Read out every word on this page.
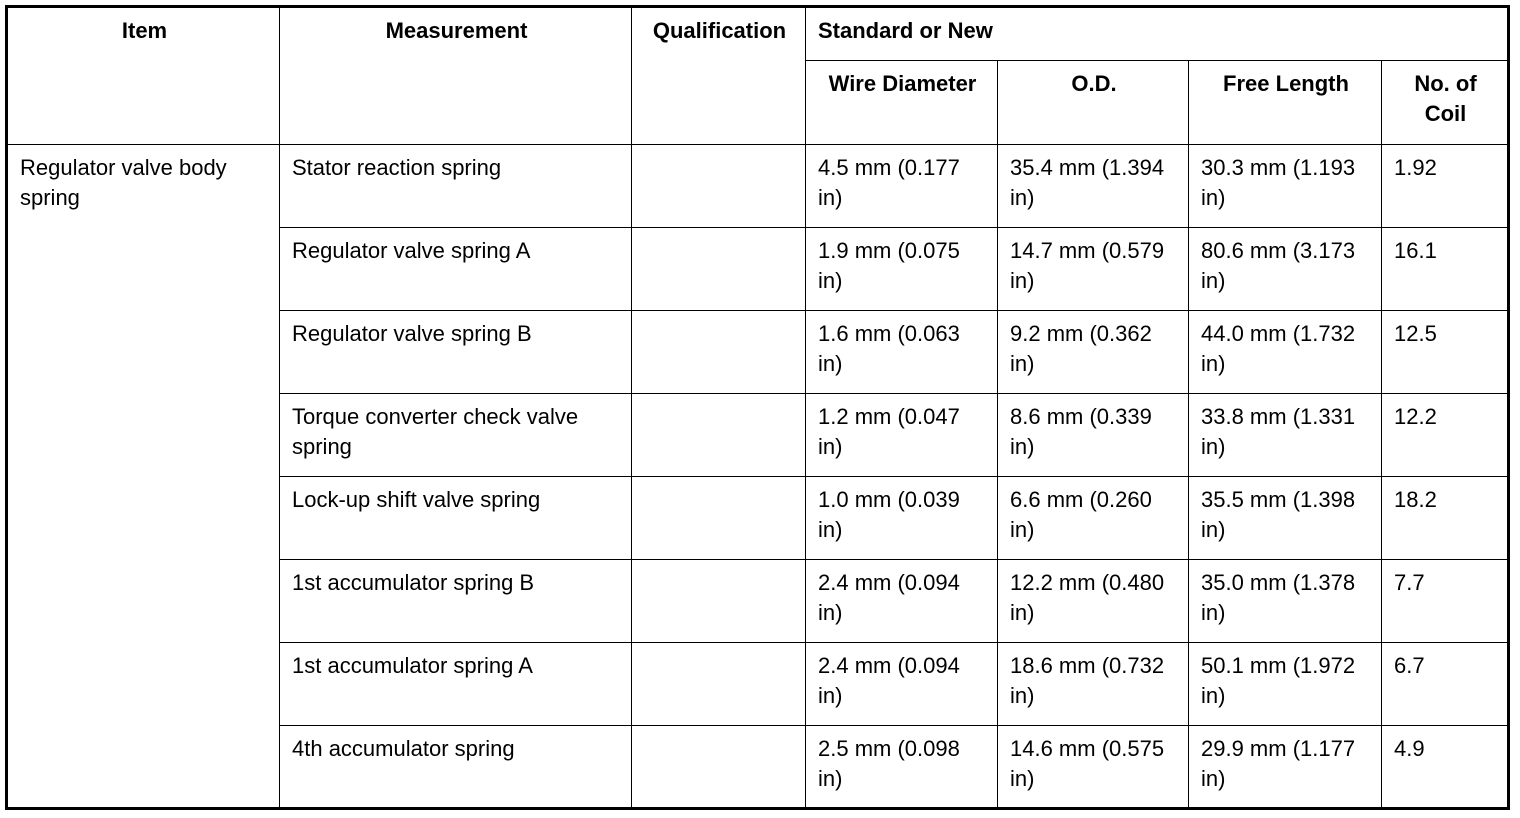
Item	Measurement	Qualification	Standard or New			
			Wire Diameter	O.D.	Free Length	No. of Coil
Regulator valve body spring	Stator reaction spring		4.5 mm (0.177 in)	35.4 mm (1.394 in)	30.3 mm (1.193 in)	1.92
	Regulator valve spring A		1.9 mm (0.075 in)	14.7 mm (0.579 in)	80.6 mm (3.173 in)	16.1
	Regulator valve spring B		1.6 mm (0.063 in)	9.2 mm (0.362 in)	44.0 mm (1.732 in)	12.5
	Torque converter check valve spring		1.2 mm (0.047 in)	8.6 mm (0.339 in)	33.8 mm (1.331 in)	12.2
	Lock-up shift valve spring		1.0 mm (0.039 in)	6.6 mm (0.260 in)	35.5 mm (1.398 in)	18.2
	1st accumulator spring B		2.4 mm (0.094 in)	12.2 mm (0.480 in)	35.0 mm (1.378 in)	7.7
	1st accumulator spring A		2.4 mm (0.094 in)	18.6 mm (0.732 in)	50.1 mm (1.972 in)	6.7
	4th accumulator spring		2.5 mm (0.098 in)	14.6 mm (0.575 in)	29.9 mm (1.177 in)	4.9
